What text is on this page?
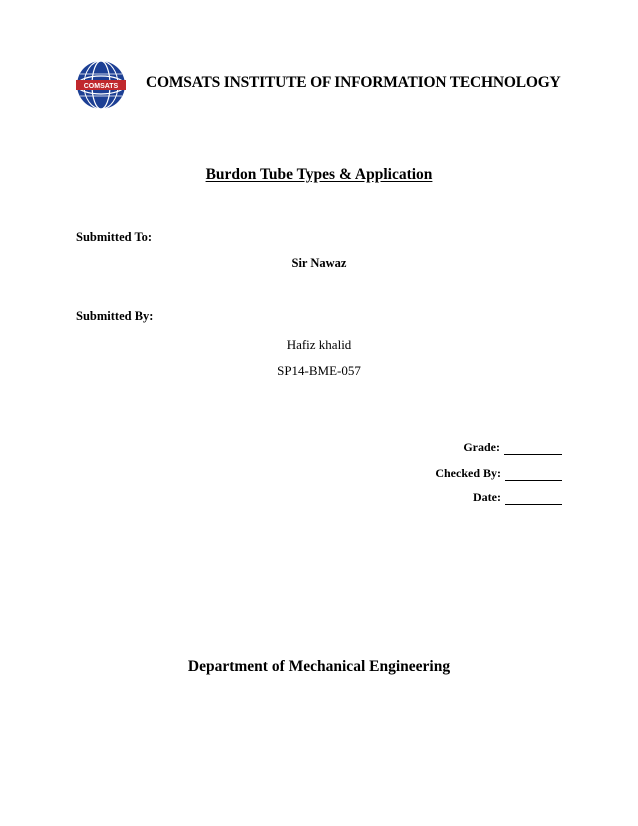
COMSATS COMSATS INSTITUTE OF INFORMATION TECHNOLOGY
Burdon Tube Types & Application
Submitted To:
Sir Nawaz
Submitted By:
Hafiz khalid
SP14-BME-057
Grade:
Checked By:
Date:
Department of Mechanical Engineering
